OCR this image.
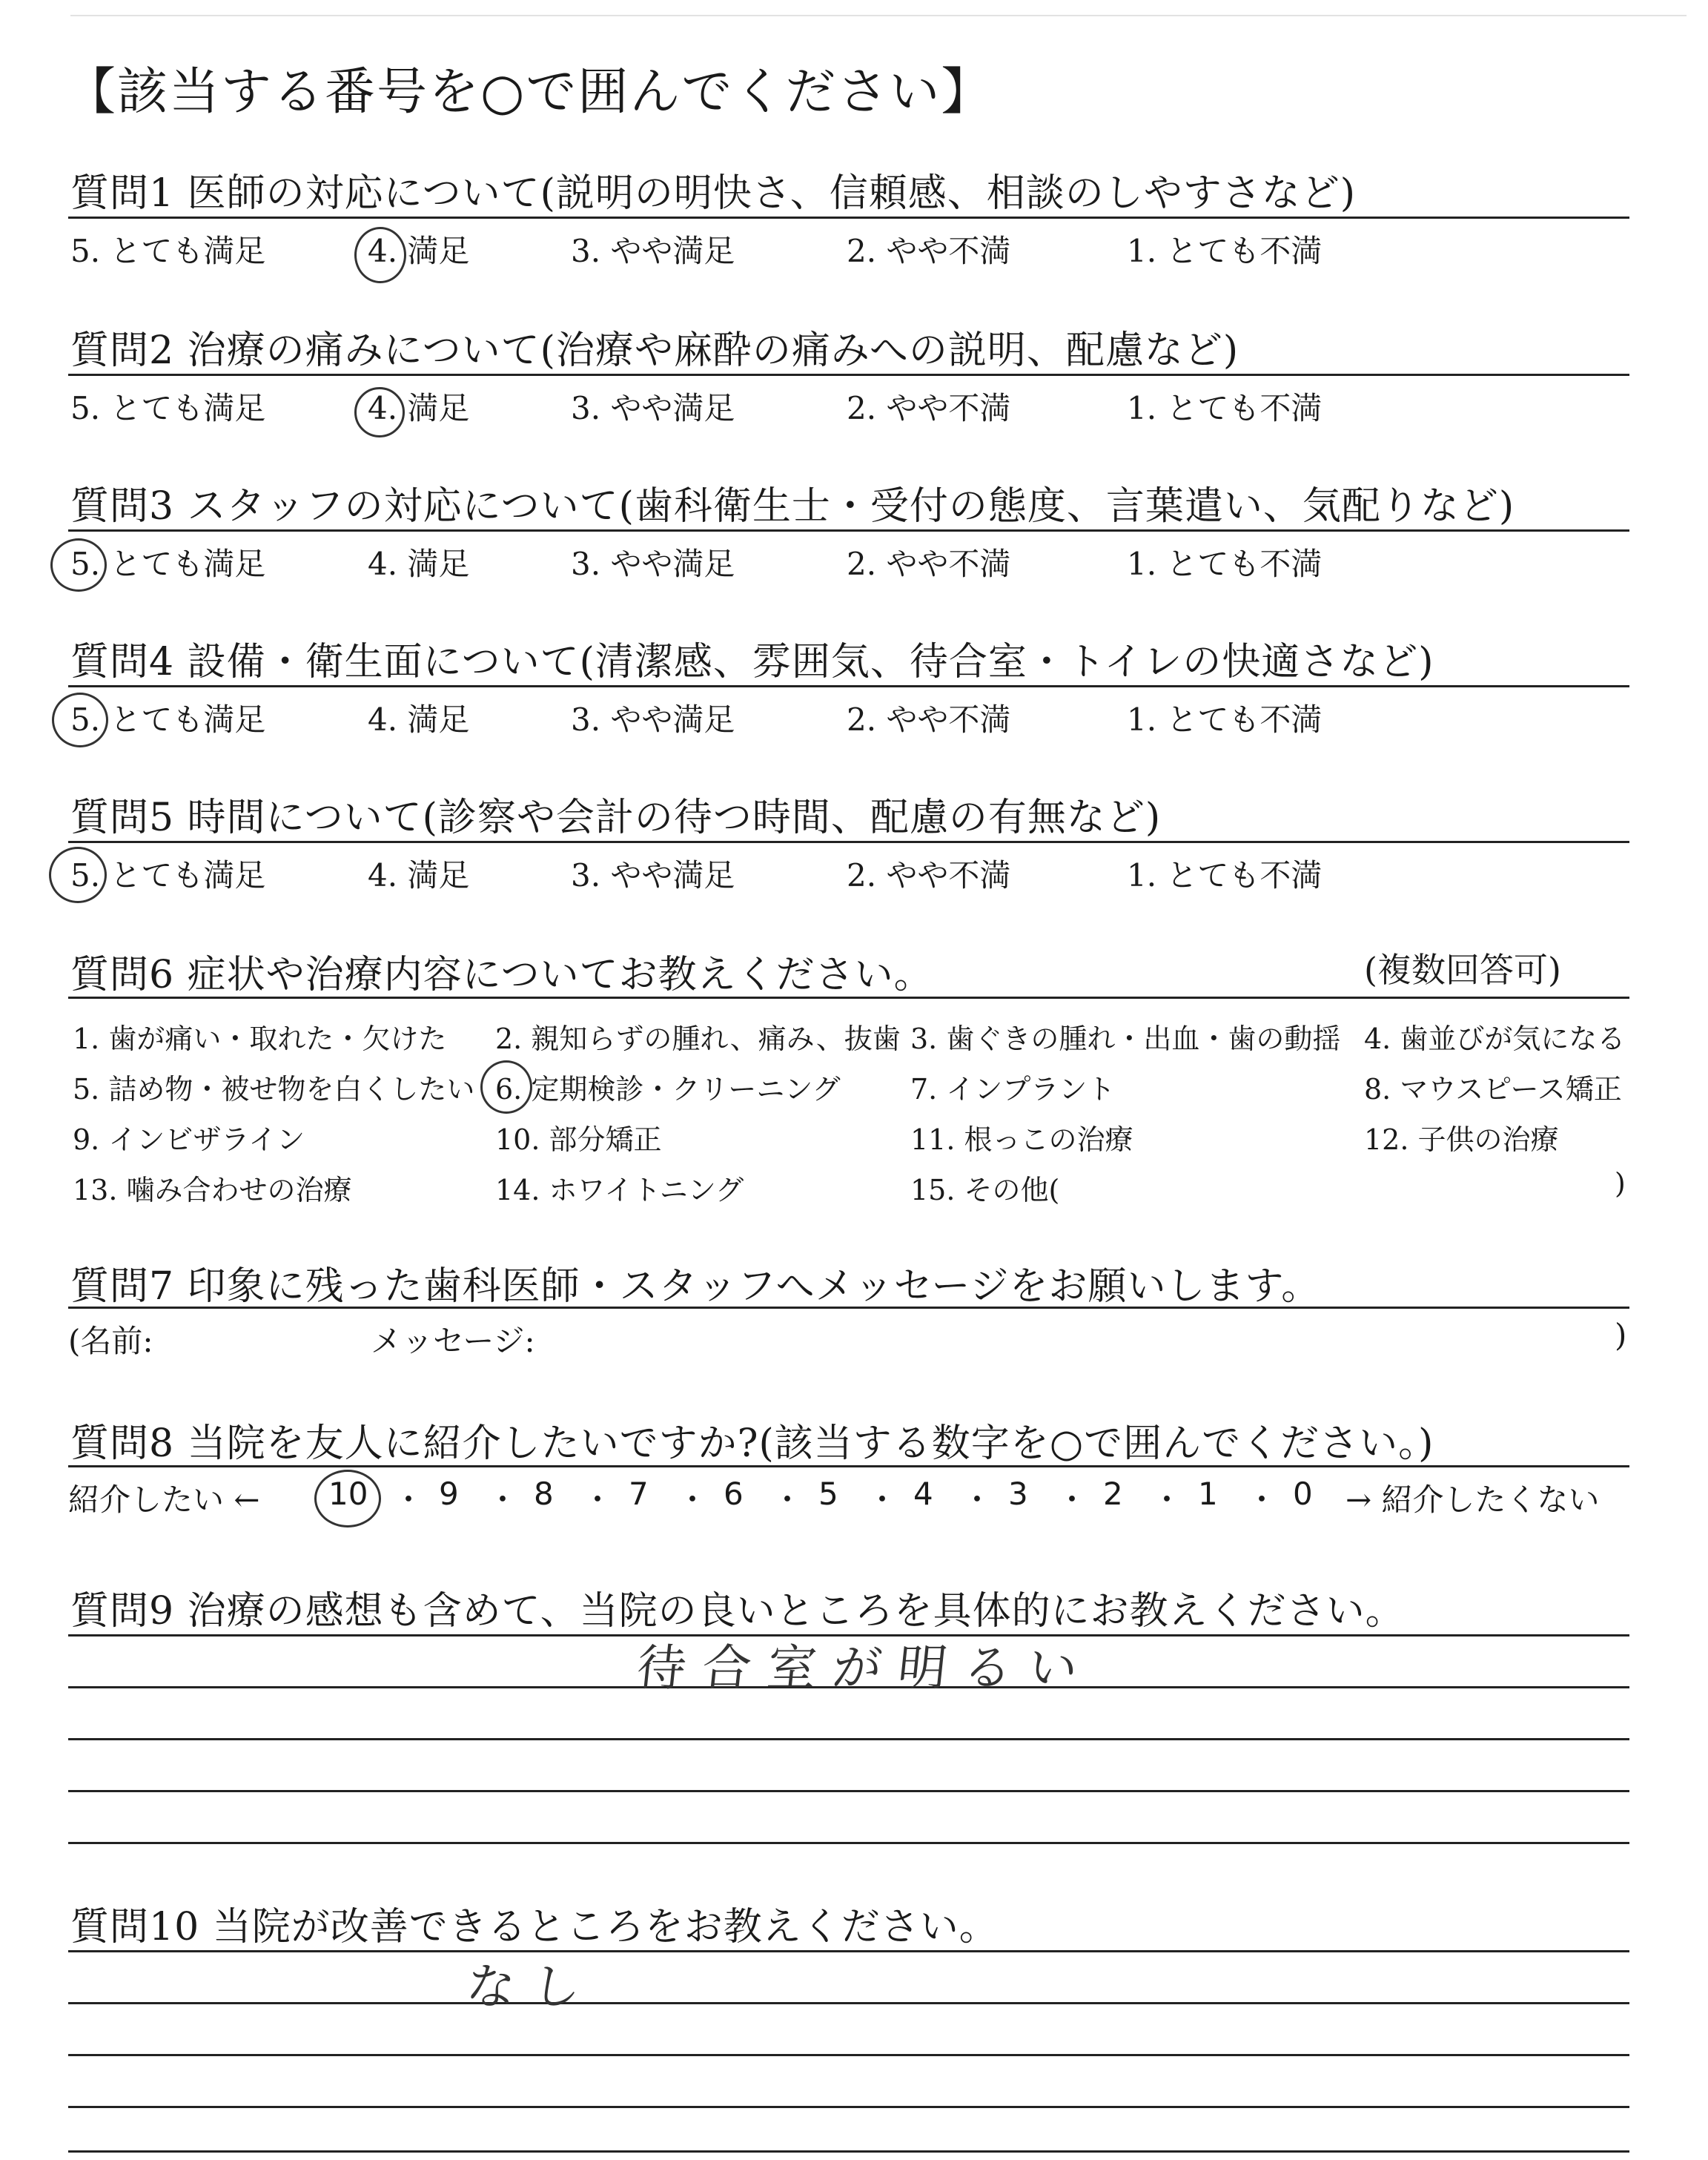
【該当する番号を○で囲んでください】
質問1 医師の対応について(説明の明快さ、信頼感、相談のしやすさなど)
5. とても満足	4. 満足	3. やや満足	2. やや不満	1. とても不満
質問2 治療の痛みについて(治療や麻酔の痛みへの説明、配慮など)
5. とても満足	4. 満足	3. やや満足	2. やや不満	1. とても不満
質問3 スタッフの対応について(歯科衛生士・受付の態度、言葉遣い、気配りなど)
5. とても満足	4. 満足	3. やや満足	2. やや不満	1. とても不満
質問4 設備・衛生面について(清潔感、雰囲気、待合室・トイレの快適さなど)
5. とても満足	4. 満足	3. やや満足	2. やや不満	1. とても不満
質問5 時間について(診察や会計の待つ時間、配慮の有無など)
5. とても満足	4. 満足	3. やや満足	2. やや不満	1. とても不満
質問6 症状や治療内容についてお教えください。	(複数回答可)
1. 歯が痛い・取れた・欠けた 2. 親知らずの腫れ、痛み、抜歯 3. 歯ぐきの腫れ・出血・歯の動揺 4. 歯並びが気になる
5. 詰め物・被せ物を白くしたい 6. 定期検診・クリーニング 7. インプラント	8. マウスピース矯正
9. インビザライン	10. 部分矯正	11. 根っこの治療	12. 子供の治療
13. 噛み合わせの治療	14. ホワイトニング	15. その他(	)
質問7 印象に残った歯科医師・スタッフへメッセージをお願いします。
(名前:	メッセージ:	)
質問8 当院を友人に紹介したいですか?(該当する数字を○で囲んでください。)
紹介したい ←	→ 紹介したくない
10 ・ 9 ・ 8 ・ 7 ・ 6 ・ 5 ・ 4 ・ 3 ・ 2 ・ 1 ・ 0
質問9 治療の感想も含めて、当院の良いところを具体的にお教えください。
待合室が明るい
質問10 当院が改善できるところをお教えください。
なし
